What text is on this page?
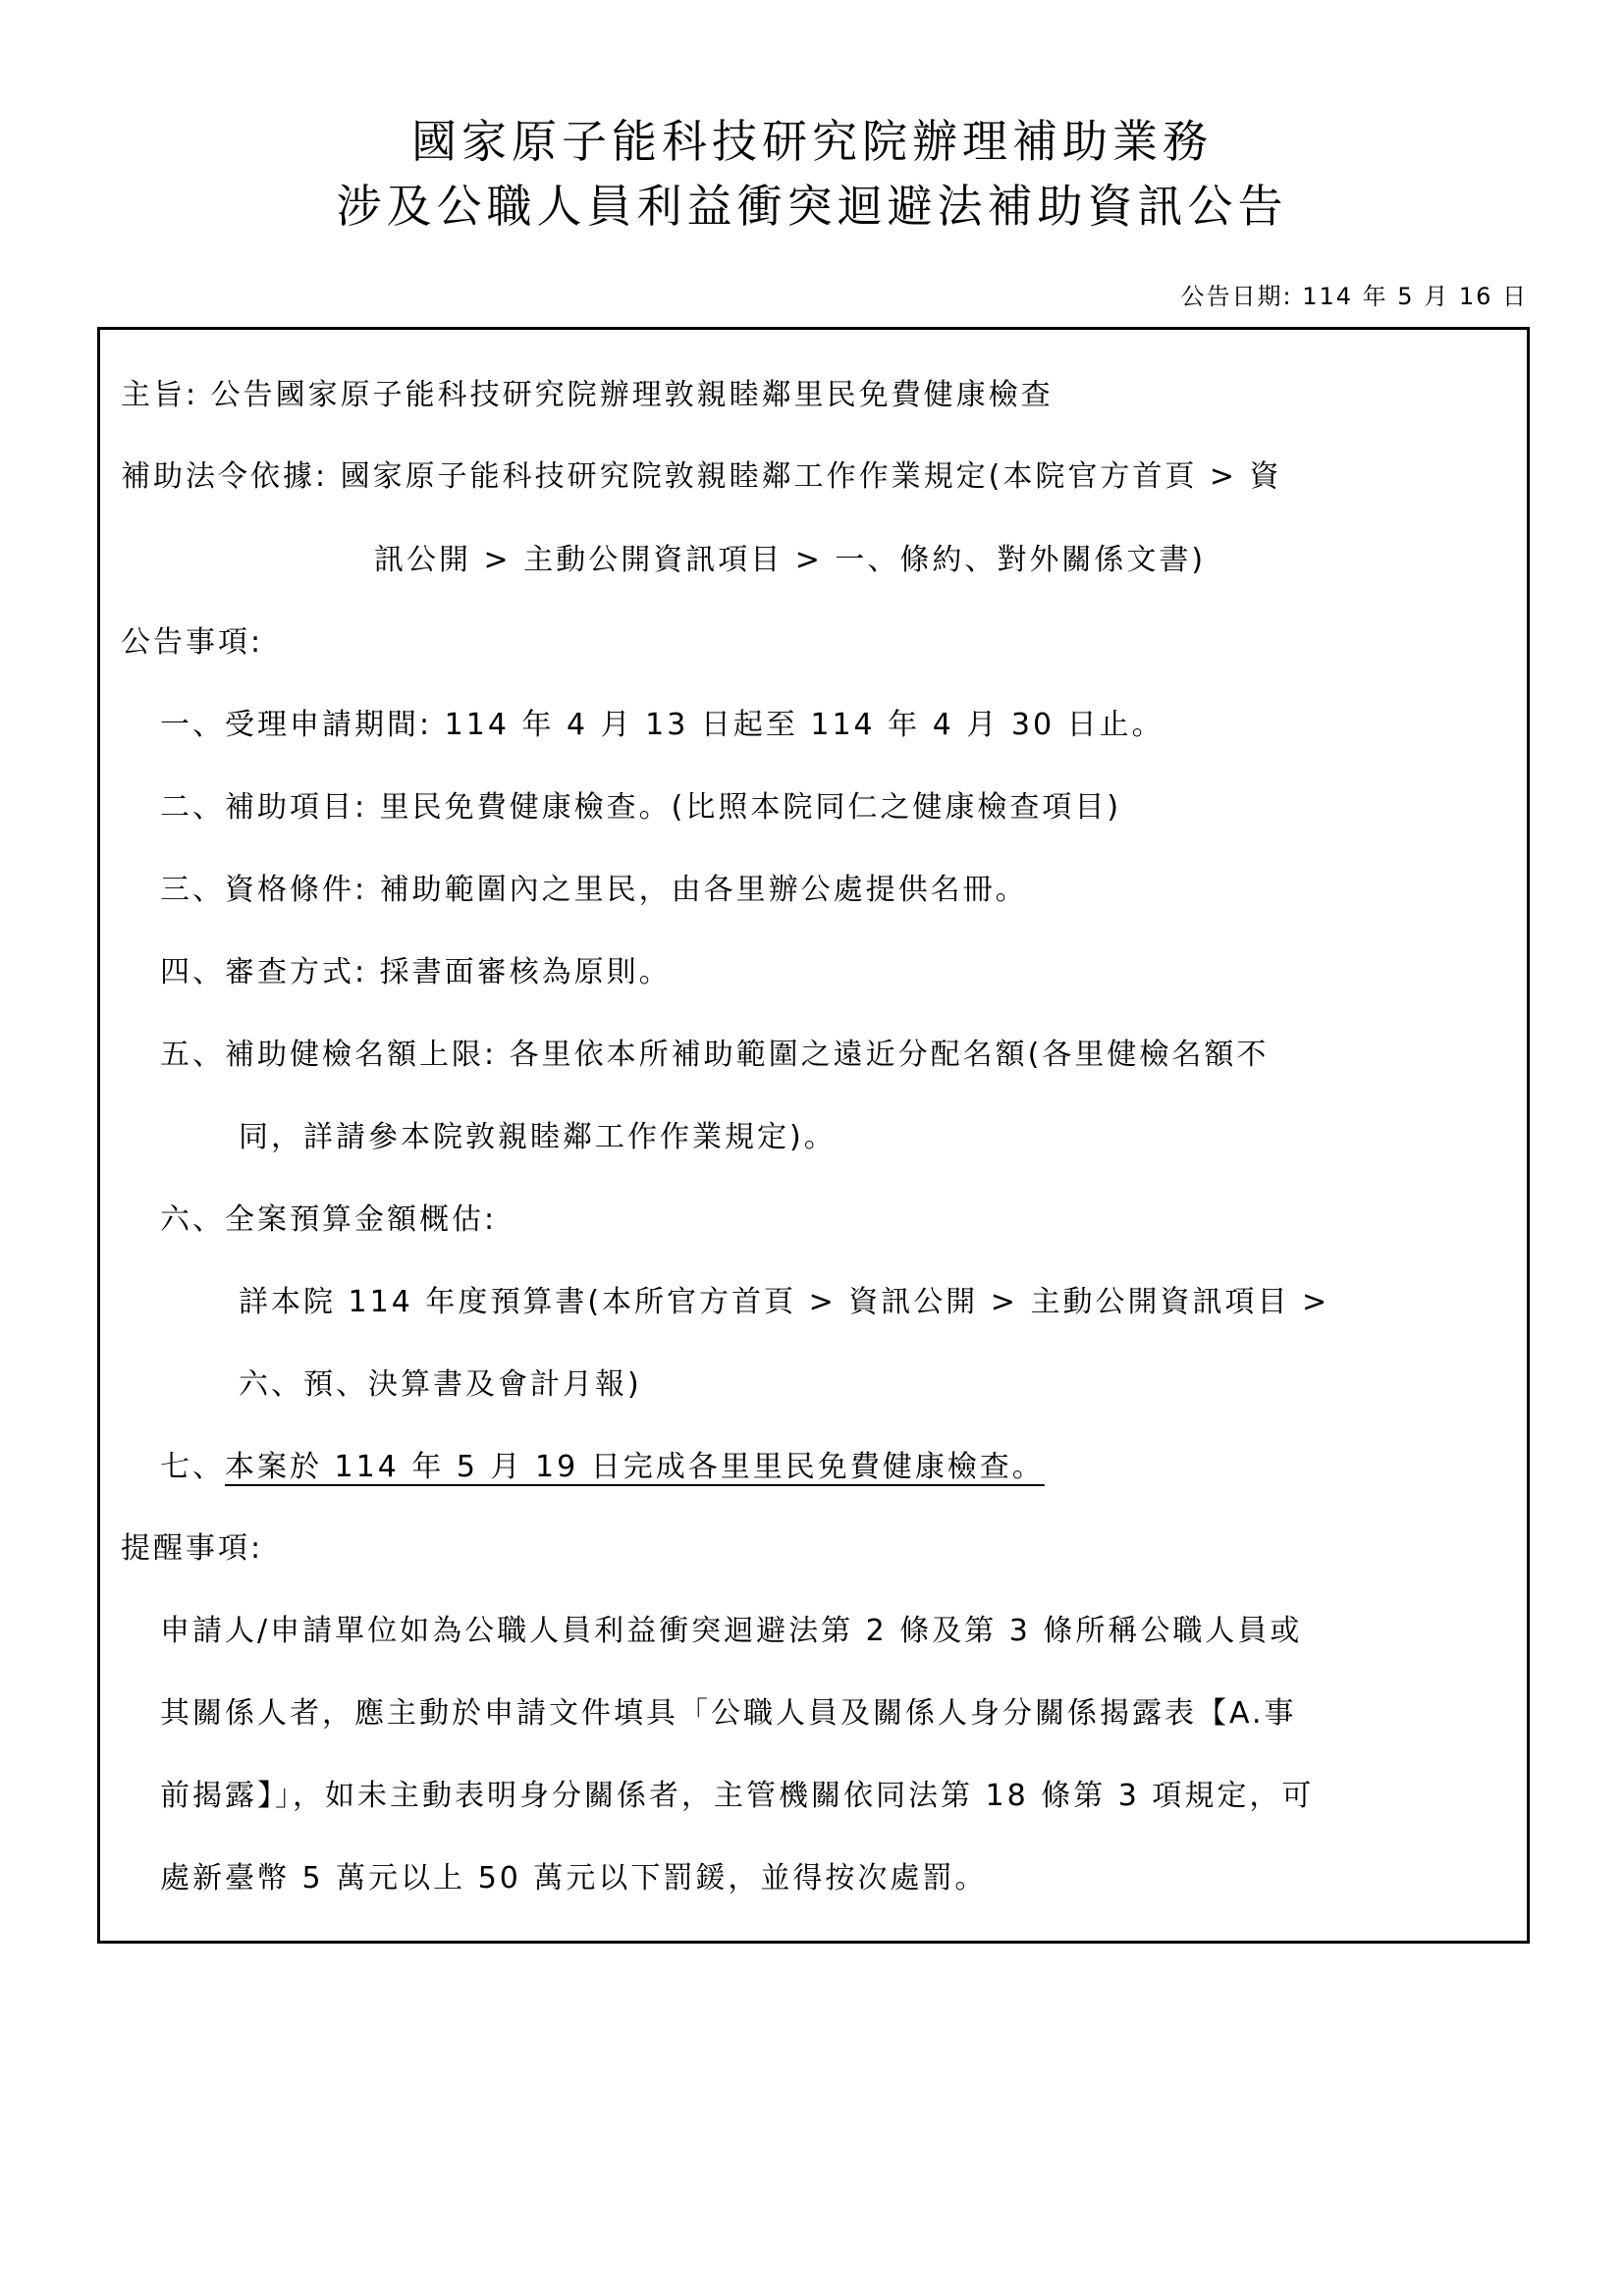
國家原子能科技研究院辦理補助業務
涉及公職人員利益衝突迴避法補助資訊公告
公告日期: 114 年 5 月 16 日
主旨: 公告國家原子能科技研究院辦理敦親睦鄰里民免費健康檢查
補助法令依據: 國家原子能科技研究院敦親睦鄰工作作業規定(本院官方首頁 > 資
訊公開 > 主動公開資訊項目 > 一、條約、對外關係文書)
公告事項:
一、受理申請期間: 114 年 4 月 13 日起至 114 年 4 月 30 日止。
二、補助項目: 里民免費健康檢查。(比照本院同仁之健康檢查項目)
三、資格條件: 補助範圍內之里民，由各里辦公處提供名冊。
四、審查方式: 採書面審核為原則。
五、補助健檢名額上限: 各里依本所補助範圍之遠近分配名額(各里健檢名額不
同，詳請參本院敦親睦鄰工作作業規定)。
六、全案預算金額概估:
詳本院 114 年度預算書(本所官方首頁 > 資訊公開 > 主動公開資訊項目 >
六、預、決算書及會計月報)
七、本案於 114 年 5 月 19 日完成各里里民免費健康檢查。
提醒事項:
申請人/申請單位如為公職人員利益衝突迴避法第 2 條及第 3 條所稱公職人員或
其關係人者，應主動於申請文件填具「公職人員及關係人身分關係揭露表【A.事
前揭露】」，如未主動表明身分關係者，主管機關依同法第 18 條第 3 項規定，可
處新臺幣 5 萬元以上 50 萬元以下罰鍰，並得按次處罰。
